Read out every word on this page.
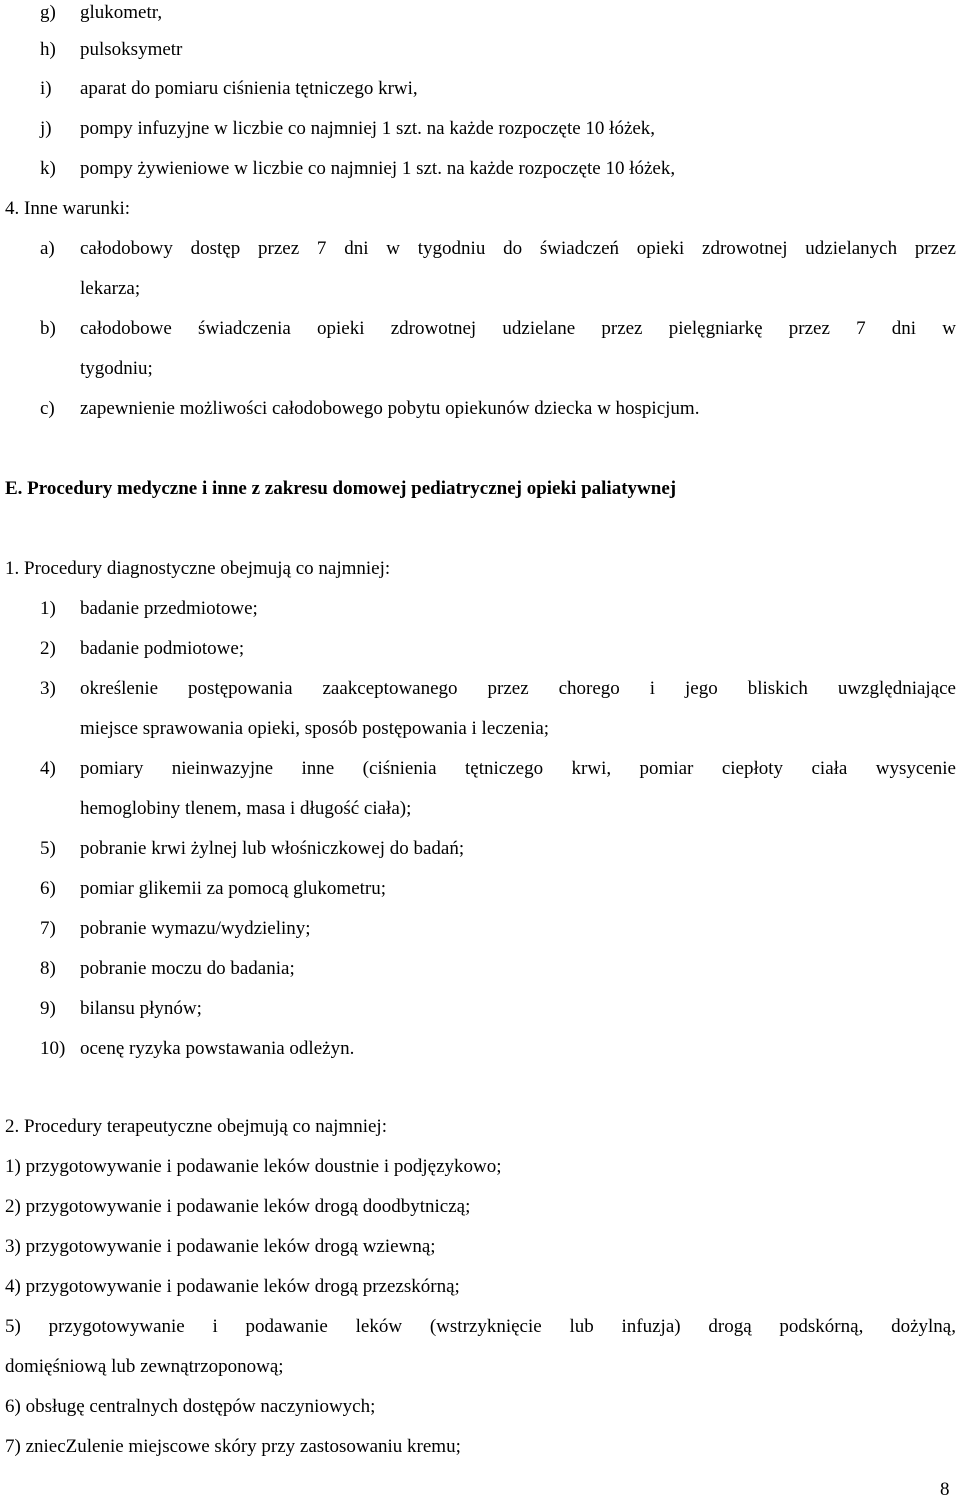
g) glukometr,
h) pulsoksymetr
i) aparat do pomiaru ciśnienia tętniczego krwi,
j) pompy infuzyjne w liczbie co najmniej 1 szt. na każde rozpoczęte 10 łóżek,
k) pompy żywieniowe w liczbie co najmniej 1 szt. na każde rozpoczęte 10 łóżek,
4. Inne warunki:
a) całodobowy dostęp przez 7 dni w tygodniu do świadczeń opieki zdrowotnej udzielanych przez
lekarza;
b) całodobowe świadczenia opieki zdrowotnej udzielane przez pielęgniarkę przez 7 dni w
tygodniu;
c) zapewnienie możliwości całodobowego pobytu opiekunów dziecka w hospicjum.
E. Procedury medyczne i inne z zakresu domowej pediatrycznej opieki paliatywnej
1. Procedury diagnostyczne obejmują co najmniej:
1) badanie przedmiotowe;
2) badanie podmiotowe;
3) określenie postępowania zaakceptowanego przez chorego i jego bliskich uwzględniające
miejsce sprawowania opieki, sposób postępowania i leczenia;
4) pomiary nieinwazyjne inne (ciśnienia tętniczego krwi, pomiar ciepłoty ciała wysycenie
hemoglobiny tlenem, masa i długość ciała);
5) pobranie krwi żylnej lub włośniczkowej do badań;
6) pomiar glikemii za pomocą glukometru;
7) pobranie wymazu/wydzieliny;
8) pobranie moczu do badania;
9) bilansu płynów;
10) ocenę ryzyka powstawania odleżyn.
2. Procedury terapeutyczne obejmują co najmniej:
1) przygotowywanie i podawanie leków doustnie i podjęzykowo;
2) przygotowywanie i podawanie leków drogą doodbytniczą;
3) przygotowywanie i podawanie leków drogą wziewną;
4) przygotowywanie i podawanie leków drogą przezskórną;
5) przygotowywanie i podawanie leków (wstrzyknięcie lub infuzja) drogą podskórną, dożylną,
domięśniową lub zewnątrzoponową;
6) obsługę centralnych dostępów naczyniowych;
7) zniecZulenie miejscowe skóry przy zastosowaniu kremu;
8
